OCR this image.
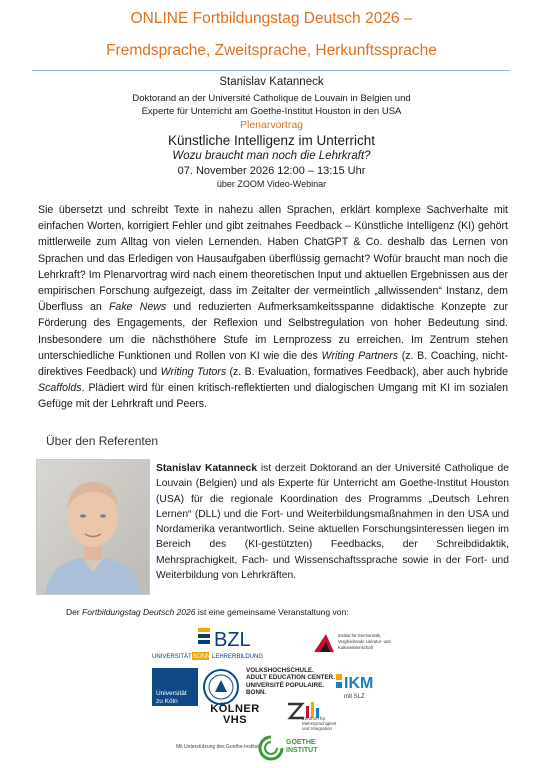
ONLINE Fortbildungstag Deutsch 2026 –
Fremdsprache, Zweitsprache, Herkunftssprache
Stanislav Katanneck
Doktorand an der Université Catholique de Louvain in Belgien und
Experte für Unterricht am Goethe-Institut Houston in den USA
Plenarvortrag
Künstliche Intelligenz im Unterricht
Wozu braucht man noch die Lehrkraft?
07. November 2026 12:00 – 13:15 Uhr
über ZOOM Video-Webinar

Sie übersetzt und schreibt Texte in nahezu allen Sprachen, erklärt komplexe Sachverhalte mit einfachen Worten, korrigiert Fehler und gibt zeitnahes Feedback – Künstliche Intelligenz (KI) gehört mittlerweile zum Alltag von vielen Lernenden. Haben ChatGPT & Co. deshalb das Lernen von Sprachen und das Erledigen von Hausaufgaben überflüssig gemacht? Wofür braucht man noch die Lehrkraft? Im Plenarvortrag wird nach einem theoretischen Input und aktuellen Ergebnissen aus der empirischen Forschung aufgezeigt, dass im Zeitalter der vermeintlich „allwissenden“ Instanz, dem Überfluss an Fake News und reduzierten Aufmerksamkeitsspanne didaktische Konzepte zur Förderung des Engagements, der Reflexion und Selbstregulation von hoher Bedeutung sind. Insbesondere um die nächsthöhere Stufe im Lernprozess zu erreichen. Im Zentrum stehen unterschiedliche Funktionen und Rollen von KI wie die des Writing Partners (z. B. Coaching, nicht-direktives Feedback) und Writing Tutors (z. B. Evaluation, formatives Feedback), aber auch hybride Scaffolds. Plädiert wird für einen kritisch-reflektierten und dialogischen Umgang mit KI im sozialen Gefüge mit der Lehrkraft und Peers.

Über den Referenten

Stanislav Katanneck ist derzeit Doktorand an der Université Catholique de Louvain (Belgien) und als Experte für Unterricht am Goethe-Institut Houston (USA) für die regionale Koordination des Programms „Deutsch Lehren Lernen“ (DLL) und die Fort- und Weiterbildungsmaßnahmen in den USA und Nordamerika verantwortlich. Seine aktuellen Forschungsinteressen liegen im Bereich des (KI-gestützten) Feedbacks, der Schreibdidaktik, Mehrsprachigkeit, Fach- und Wissenschaftssprache sowie in der Fort- und Weiterbildung von Lehrkräften.

Der Fortbildungstag Deutsch 2026 ist eine gemeinsame Veranstaltung von:
BZL
UNIVERSITÄT BONN LEHRERBILDUNG
Institut für Germanistik,
Vergleichende Literatur- und
Kulturwissenschaft
Universität
zu Köln
VOLKSHOCHSCHULE.
ADULT EDUCATION CENTER.
UNIVERSITÉ POPULAIRE.
BONN.
IKM
mit SLZ
KÖLNER
VHS	Zentrum für
Mehrsprachigkeit
und Integration
Mit Unterstützung des Goethe-Instituts
GOETHE
INSTITUT
